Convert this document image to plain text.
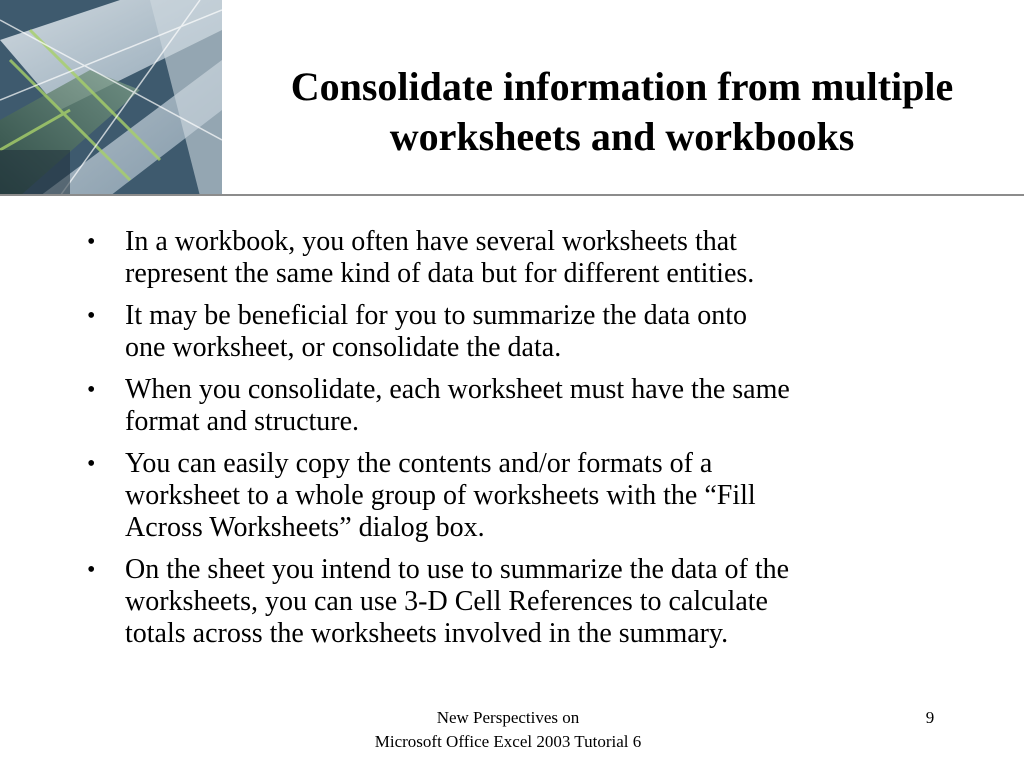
Consolidate information from multiple
worksheets and workbooks
• In a workbook, you often have several worksheets that
represent the same kind of data but for different entities.
• It may be beneficial for you to summarize the data onto
one worksheet, or consolidate the data.
• When you consolidate, each worksheet must have the same
format and structure.
• You can easily copy the contents and/or formats of a
worksheet to a whole group of worksheets with the “Fill
Across Worksheets” dialog box.
• On the sheet you intend to use to summarize the data of the
worksheets, you can use 3-D Cell References to calculate
totals across the worksheets involved in the summary.
New Perspectives on
Microsoft Office Excel 2003 Tutorial 6
9
